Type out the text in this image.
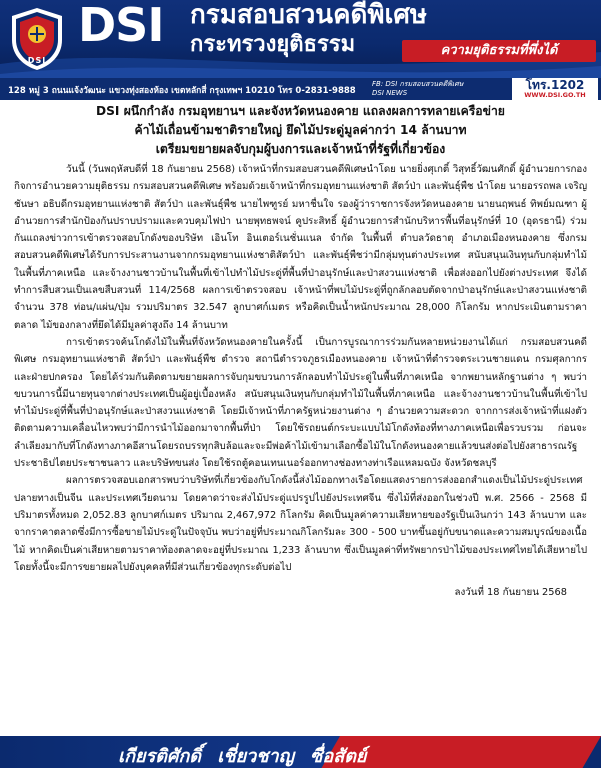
DSI
DSI กรมสอบสวนคดีพิเศษ
กระทรวงยุติธรรม	ความยุติธรรมที่พึ่งได้
128 หมู่ 3 ถนนแจ้งวัฒนะ แขวงทุ่งสองห้อง เขตหลักสี่ กรุงเทพฯ 10210 โทร 0-2831-9888
FB: DSI กรมสอบสวนคดีพิเศษ
DSI NEWS
โทร.1202
WWW.DSI.GO.TH

DSI ผนึกกำลัง กรมอุทยานฯ และจังหวัดหนองคาย แถลงผลการทลายเครือข่าย

ค้าไม้เถื่อนข้ามชาติรายใหญ่ ยึดไม้ประดู่มูลค่ากว่า 14 ล้านบาท

เตรียมขยายผลจับกุมผู้บงการและเจ้าหน้าที่รัฐที่เกี่ยวข้อง

วันนี้ (วันพฤหัสบดีที่ 18 กันยายน 2568) เจ้าหน้าที่กรมสอบสวนคดีพิเศษนำโดย นายยิ่งศุเกติ์ วิสุทธิ์วัฒนศักดิ์ ผู้อำนวยการกองกิจการอำนวยความยุติธรรม กรมสอบสวนคดีพิเศษ พร้อมด้วยเจ้าหน้าที่กรมอุทยานแห่งชาติ สัตว์ป่า และพันธุ์พืช นำโดย นายอรรถพล เจริญชันษา อธิบดีกรมอุทยานแห่งชาติ สัตว์ป่า และพันธุ์พืช นายไพฑูรย์ มหาชื่นใจ รองผู้ว่าราชการจังหวัดหนองคาย นายนฤพนธ์ ทิพย์มณฑา ผู้อำนวยการสำนักป้องกันปราบปรามและควบคุมไฟป่า นายพุทธพจน์ คูประสิทธิ์ ผู้อำนวยการสำนักบริหารพื้นที่อนุรักษ์ที่ 10 (อุดรธานี) ร่วมกันแถลงข่าวการเข้าตรวจสอบโกดังของบริษัท เอินโท อินเตอร์เนชั่นแนล จำกัด ในพื้นที่ ตำบลวัดธาตุ อำเภอเมืองหนองคาย ซึ่งกรมสอบสวนคดีพิเศษได้รับการประสานงานจากกรมอุทยานแห่งชาติสัตว์ป่า และพันธุ์พืชว่ามีกลุ่มทุนต่างประเทศ สนับสนุนเงินทุนกับกลุ่มทำไม้ในพื้นที่ภาคเหนือ และจ้างงานชาวบ้านในพื้นที่เข้าไปทำไม้ประดู่ที่พื้นที่ป่าอนุรักษ์และป่าสงวนแห่งชาติ เพื่อส่งออกไปยังต่างประเทศ จึงได้ทำการสืบสวนเป็นเลขสืบสวนที่ 114/2568 ผลการเข้าตรวจสอบ เจ้าหน้าที่พบไม้ประดู่ที่ถูกลักลอบตัดจากป่าอนุรักษ์และป่าสงวนแห่งชาติ จำนวน 378 ท่อน/แผ่น/ปุ่ม รวมปริมาตร 32.547 ลูกบาศก์เมตร หรือคิดเป็นน้ำหนักประมาณ 28,000 กิโลกรัม หากประเมินตามราคาตลาด ไม้ของกลางที่ยึดได้มีมูลค่าสูงถึง 14 ล้านบาท

การเข้าตรวจค้นโกดังไม้ในพื้นที่จังหวัดหนองคายในครั้งนี้ เป็นการบูรณาการร่วมกันหลายหน่วยงานได้แก่ กรมสอบสวนคดีพิเศษ กรมอุทยานแห่งชาติ สัตว์ป่า และพันธุ์พืช ตำรวจ สถานีตำรวจภูธรเมืองหนองคาย เจ้าหน้าที่ตำรวจตระเวนชายแดน กรมศุลกากร และฝ่ายปกครอง โดยได้ร่วมกันติดตามขยายผลการจับกุมขบวนการลักลอบทำไม้ประดู่ในพื้นที่ภาคเหนือ จากพยานหลักฐานต่าง ๆ พบว่าขบวนการนี้มีนายทุนจากต่างประเทศเป็นผู้อยู่เบื้องหลัง สนับสนุนเงินทุนกับกลุ่มทำไม้ในพื้นที่ภาคเหนือ และจ้างงานชาวบ้านในพื้นที่เข้าไปทำไม้ประดู่ที่พื้นที่ป่าอนุรักษ์และป่าสงวนแห่งชาติ โดยมีเจ้าหน้าที่ภาครัฐหน่วยงานต่าง ๆ อำนวยความสะดวก จากการส่งเจ้าหน้าที่แฝงตัวติดตามความเคลื่อนไหวพบว่ามีการนำไม้ออกมาจากพื้นที่ป่า โดยใช้รถยนต์กระบะแบบไม้โกดังท้องที่ทางภาคเหนือเพื่อรวบรวม ก่อนจะลำเลียงมากับที่โกดังทางภาคอีสานโดยรถบรรทุกสิบล้อและจะมีพ่อค้าไม้เข้ามาเลือกซื้อไม้ในโกดังหนองคายแล้วขนส่งต่อไปยังสาธารณรัฐประชาธิปไตยประชาชนลาว และบริษัทขนส่ง โดยใช้รถตู้คอนเทนเนอร์ออกทางช่องทางท่าเรือแหลมฉบัง จังหวัดชลบุรี

ผลการตรวจสอบเอกสารพบว่าบริษัทที่เกี่ยวข้องกับโกดังนี้ส่งไม้ออกทางเรือโดยแสดงรายการส่งออกสำแดงเป็นไม้ประดู่ประเทศปลายทางเป็นจีน และประเทศเวียดนาม โดยคาดว่าจะส่งไม้ประดู่แปรรูปไปยังประเทศจีน ซึ่งไม้ที่ส่งออกในช่วงปี พ.ศ. 2566 - 2568 มีปริมาตรทั้งหมด 2,052.83 ลูกบาศก์เมตร ปริมาณ 2,467,972 กิโลกรัม คิดเป็นมูลค่าความเสียหายของรัฐเป็นเงินกว่า 143 ล้านบาท และจากราคาตลาดซึ่งมีการซื้อขายไม้ประดู่ในปัจจุบัน พบว่าอยู่ที่ประมาณกิโลกรัมละ 300 - 500 บาทขึ้นอยู่กับขนาดและความสมบูรณ์ของเนื้อไม้ หากคิดเป็นค่าเสียหายตามราคาท้องตลาดจะอยู่ที่ประมาณ 1,233 ล้านบาท ซึ่งเป็นมูลค่าที่ทรัพยากรป่าไม้ของประเทศไทยได้เสียหายไป โดยทั้งนี้จะมีการขยายผลไปยังบุคคลที่มีส่วนเกี่ยวข้องทุกระดับต่อไป

ลงวันที่ 18 กันยายน 2568

เกียรติศักดิ์ เชี่ยวชาญ ซื่อสัตย์
